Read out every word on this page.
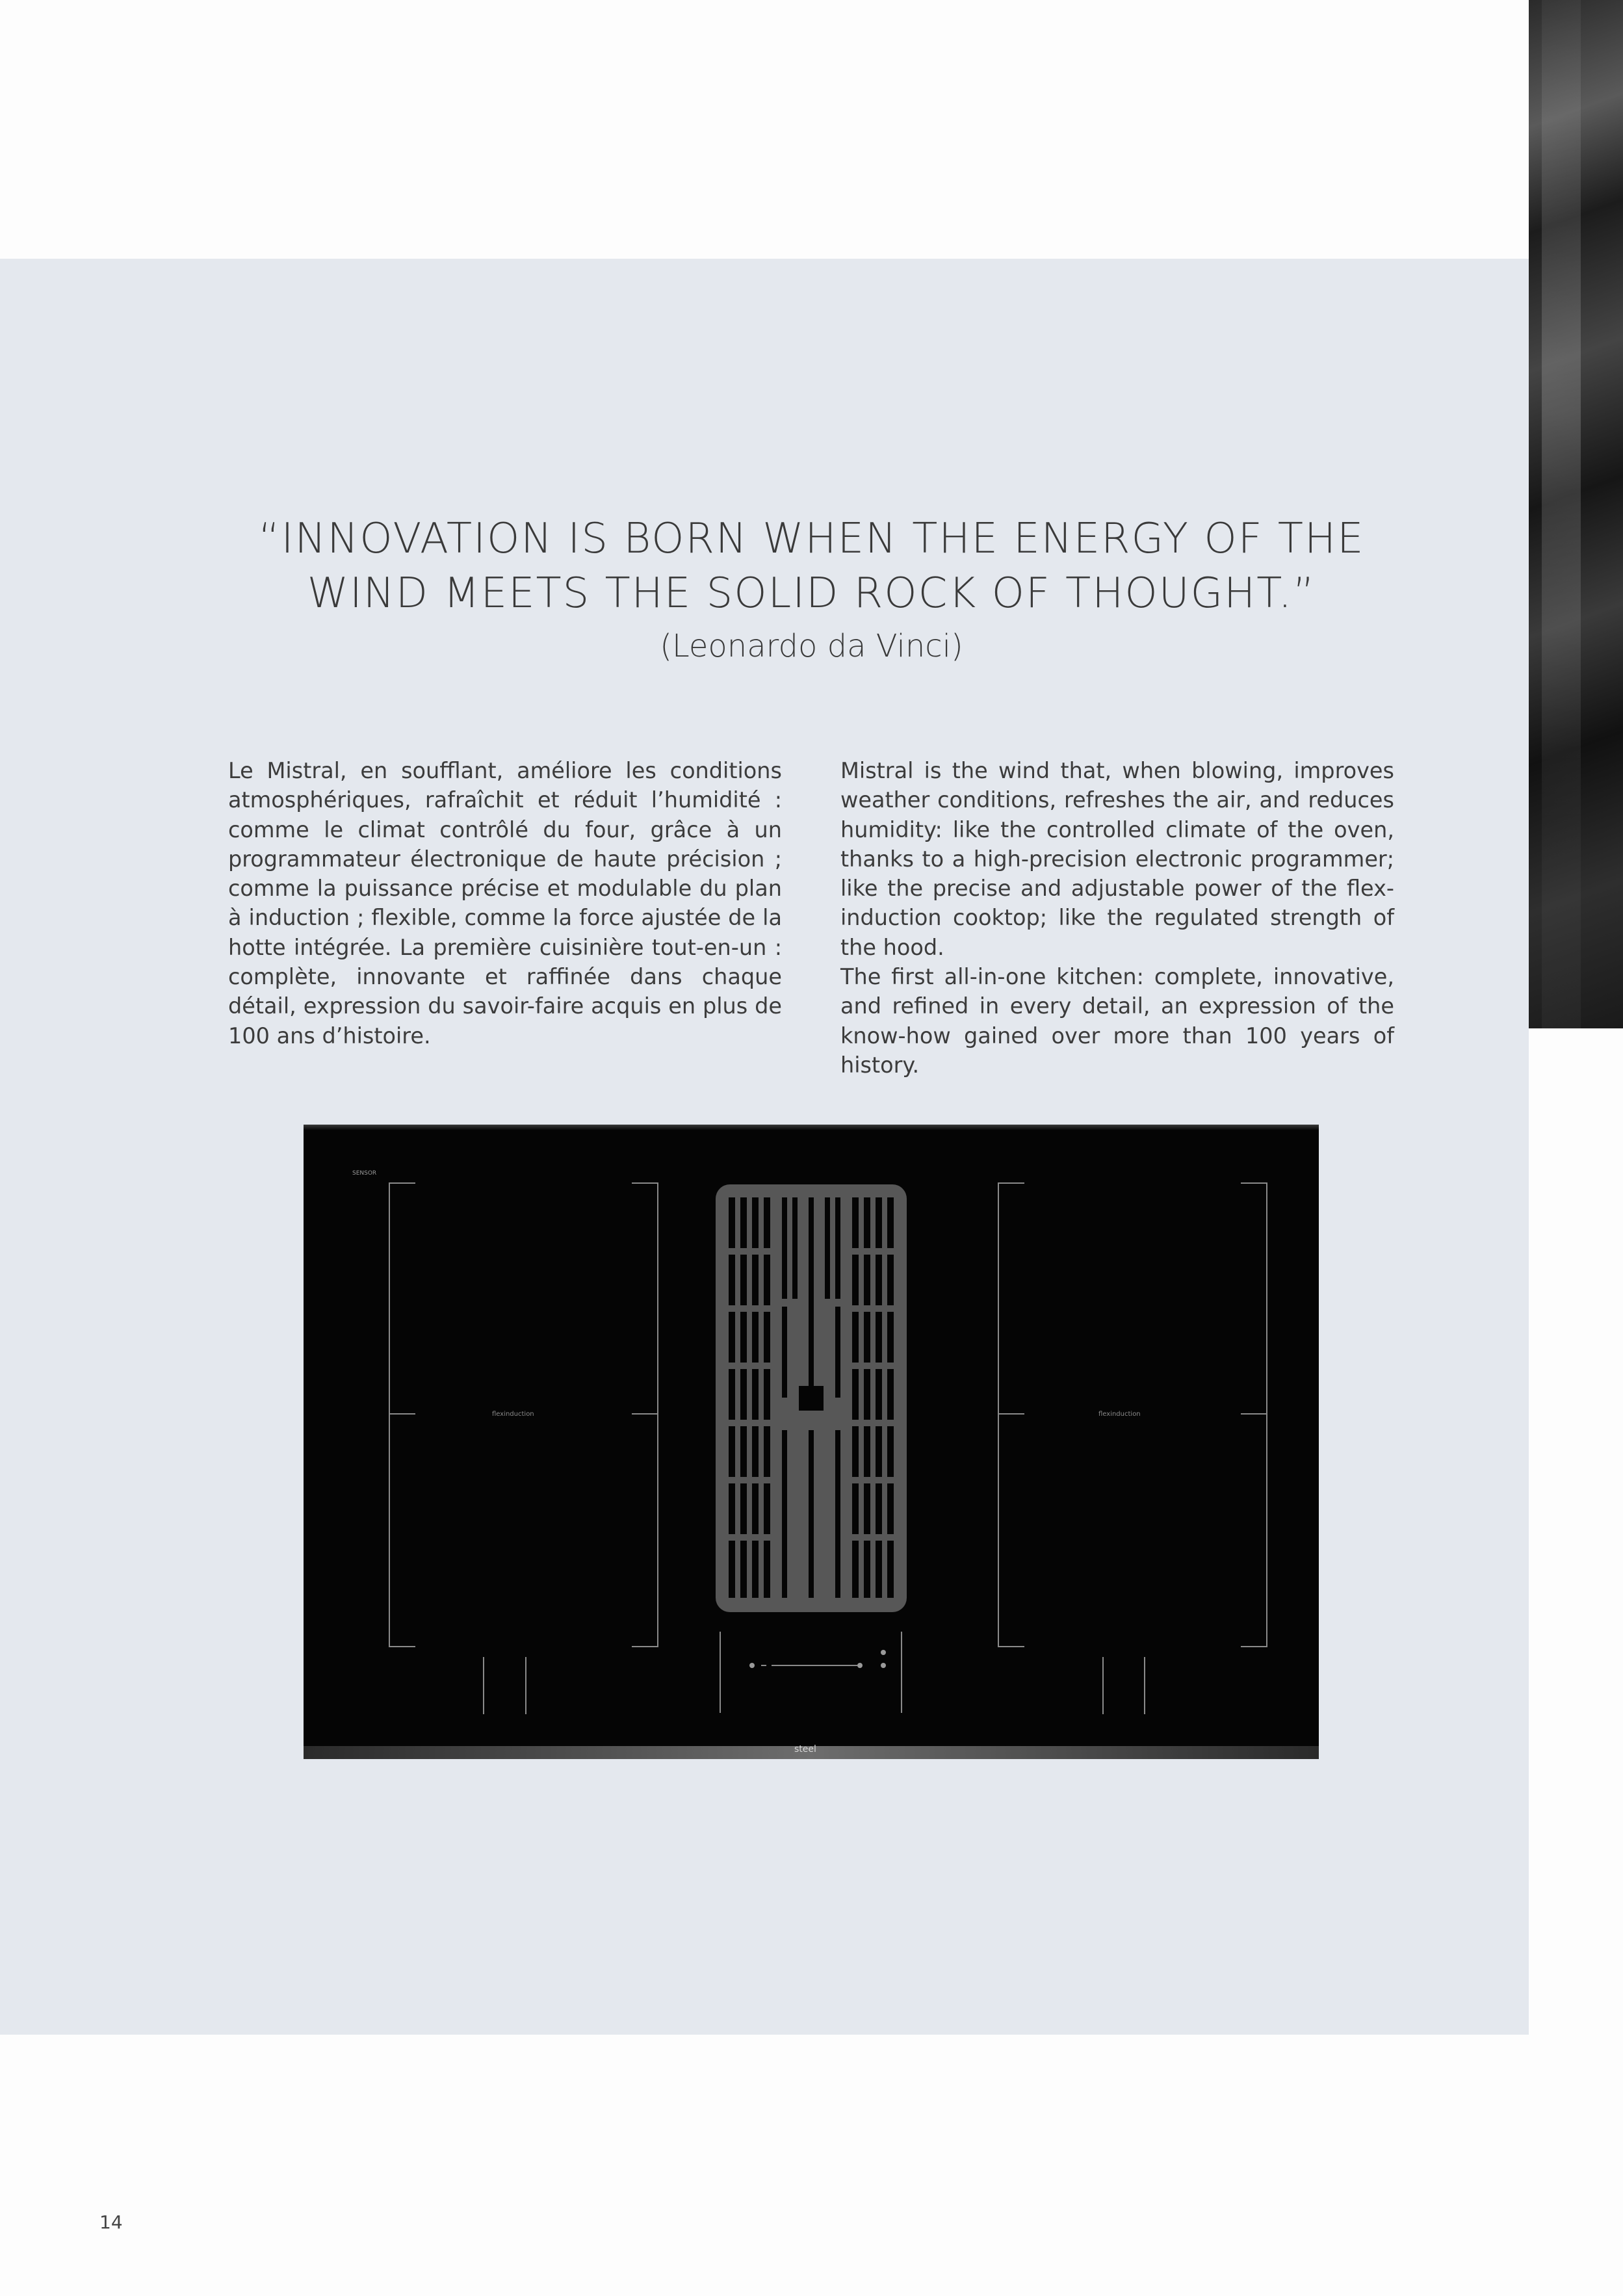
“INNOVATION IS BORN WHEN THE ENERGY OF THE
WIND MEETS THE SOLID ROCK OF THOUGHT.”
(Leonardo da Vinci)
Le Mistral, en soufflant, améliore les conditions atmosphériques, rafraîchit et réduit l’humidité : comme le climat contrôlé du four, grâce à un programmateur électronique de haute précision ; comme la puissance précise et modulable du plan à induction ; flexible, comme la force ajustée de la hotte intégrée. La première cuisinière tout-en-un : complète, innovante et raffinée dans chaque détail, expression du savoir-faire acquis en plus de 100 ans d’histoire.
Mistral is the wind that, when blowing, improves weather conditions, refreshes the air, and reduces humidity: like the controlled climate of the oven, thanks to a high-precision electronic programmer; like the precise and adjustable power of the flex-induction cooktop; like the regulated strength of the hood.
The first all-in-one kitchen: complete, innovative, and refined in every detail, an expression of the know-how gained over more than 100 years of history.
SENSOR
flexinduction	flexinduction
steel
14
